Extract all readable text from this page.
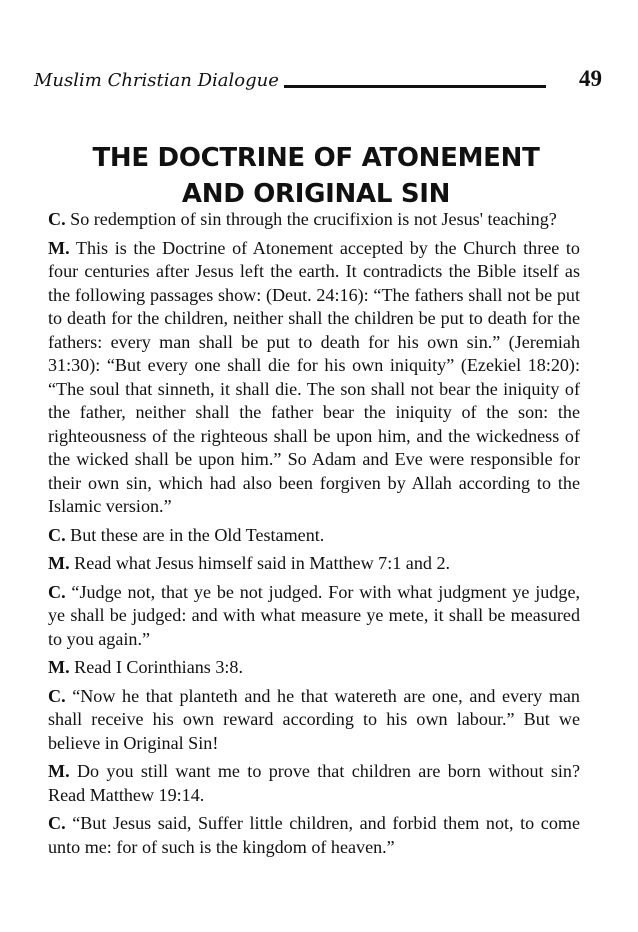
Muslim Christian Dialogue	49
THE DOCTRINE OF ATONEMENT
AND ORIGINAL SIN

C. So redemption of sin through the crucifixion is not Jesus' teaching?

M. This is the Doctrine of Atonement accepted by the Church three to four centuries after Jesus left the earth. It contradicts the Bible itself as the following passages show: (Deut. 24:16): “The fathers shall not be put to death for the children, neither shall the children be put to death for the fathers: every man shall be put to death for his own sin.” (Jeremiah 31:30): “But every one shall die for his own iniquity” (Ezekiel 18:20): “The soul that sinneth, it shall die. The son shall not bear the iniquity of the father, neither shall the father bear the iniquity of the son: the righteousness of the righteous shall be upon him, and the wickedness of the wicked shall be upon him.” So Adam and Eve were responsible for their own sin, which had also been forgiven by Allah according to the Islamic version.”

C. But these are in the Old Testament.

M. Read what Jesus himself said in Matthew 7:1 and 2.

C. “Judge not, that ye be not judged. For with what judgment ye judge, ye shall be judged: and with what measure ye mete, it shall be measured to you again.”

M. Read I Corinthians 3:8.

C. “Now he that planteth and he that watereth are one, and every man shall receive his own reward according to his own labour.” But we believe in Original Sin!

M. Do you still want me to prove that children are born without sin? Read Matthew 19:14.

C. “But Jesus said, Suffer little children, and forbid them not, to come unto me: for of such is the kingdom of heaven.”
